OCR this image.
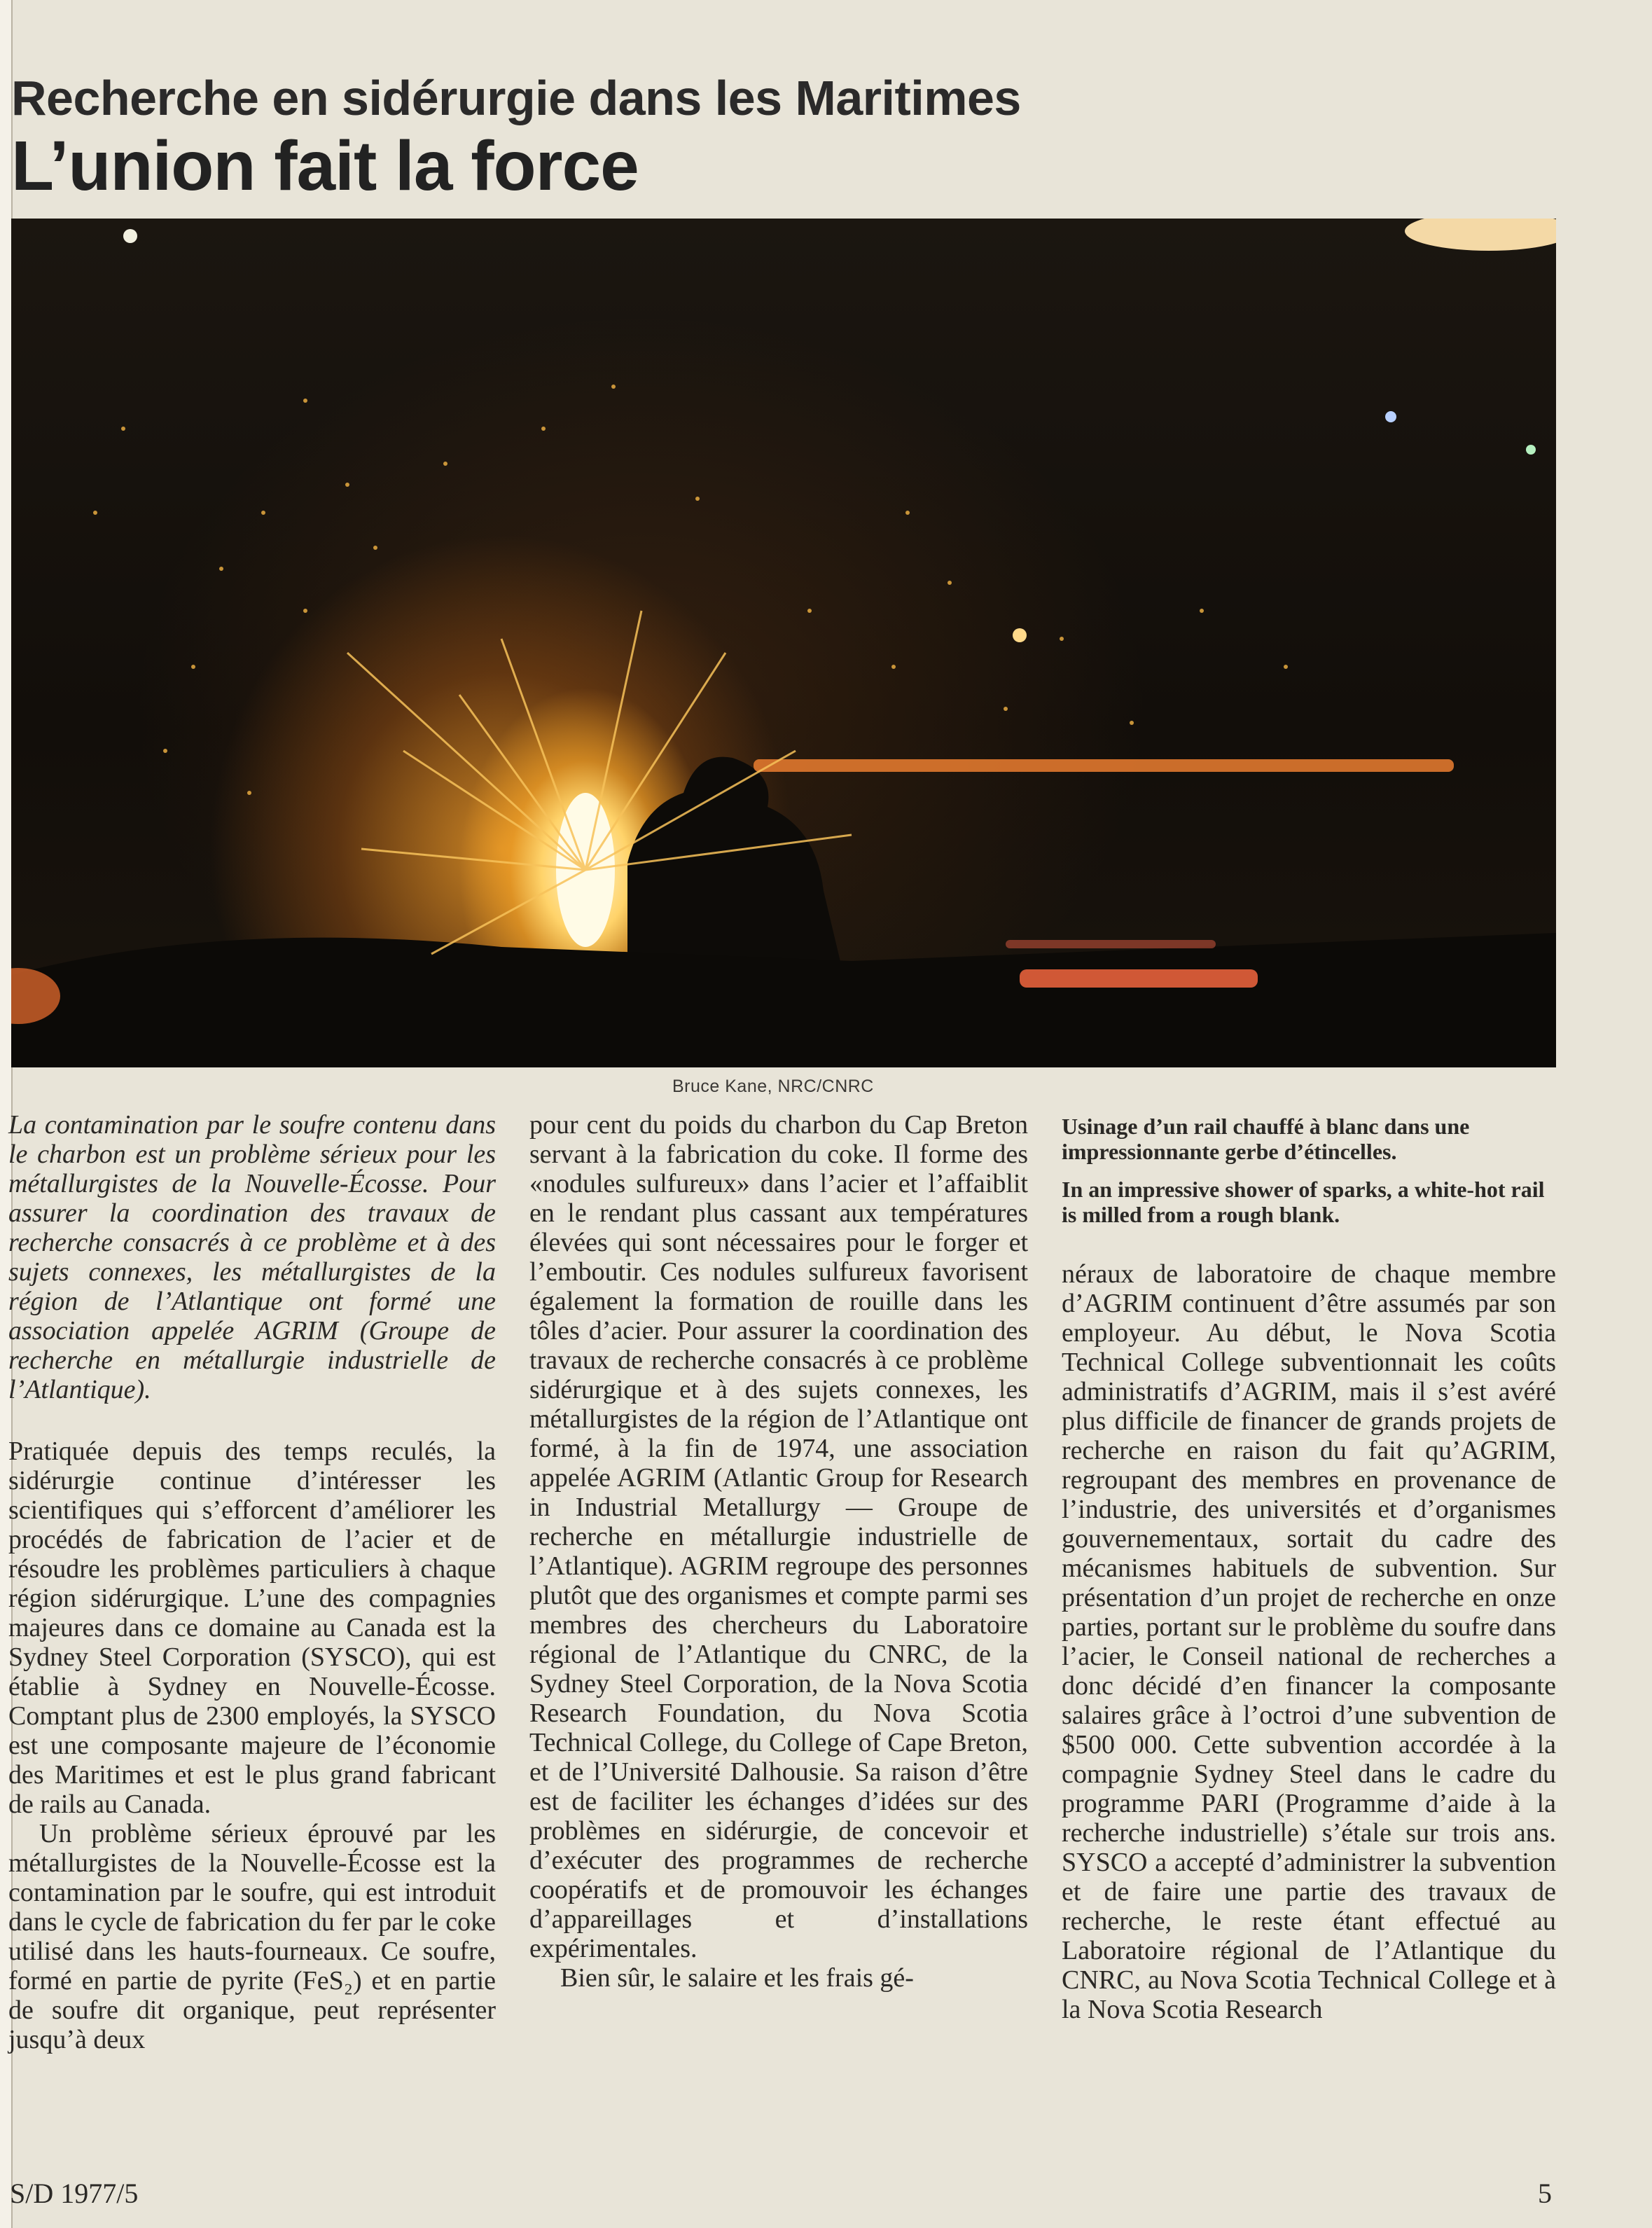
Recherche en sidérurgie dans les Maritimes
L’union fait la force
Bruce Kane, NRC/CNRC

Usinage d’un rail chauffé à blanc dans une impressionnante gerbe d’étincelles.

In an impressive shower of sparks, a white-hot rail is milled from a rough blank.

La contamination par le soufre contenu dans le charbon est un problème sérieux pour les métallurgistes de la Nouvelle-Écosse. Pour assurer la coordination des travaux de recherche consacrés à ce problème et à des sujets connexes, les métallurgistes de la région de l’Atlantique ont formé une association appelée AGRIM (Groupe de recherche en métallurgie industrielle de l’Atlantique).

Pratiquée depuis des temps reculés, la sidérurgie continue d’intéresser les scientifiques qui s’efforcent d’améliorer les procédés de fabrication de l’acier et de résoudre les problèmes particuliers à chaque région sidérurgique. L’une des compagnies majeures dans ce domaine au Canada est la Sydney Steel Corporation (SYSCO), qui est établie à Sydney en Nouvelle-Écosse. Comptant plus de 2300 employés, la SYSCO est une composante majeure de l’économie des Maritimes et est le plus grand fabricant de rails au Canada.

Un problème sérieux éprouvé par les métallurgistes de la Nouvelle-Écosse est la contamination par le soufre, qui est introduit dans le cycle de fabrication du fer par le coke utilisé dans les hauts-fourneaux. Ce soufre, formé en partie de pyrite (FeS₂) et en partie de soufre dit organique, peut représenter jusqu’à deux

pour cent du poids du charbon du Cap Breton servant à la fabrication du coke. Il forme des «nodules sulfureux» dans l’acier et l’affaiblit en le rendant plus cassant aux températures élevées qui sont nécessaires pour le forger et l’emboutir. Ces nodules sulfureux favorisent également la formation de rouille dans les tôles d’acier. Pour assurer la coordination des travaux de recherche consacrés à ce problème sidérurgique et à des sujets connexes, les métallurgistes de la région de l’Atlantique ont formé, à la fin de 1974, une association appelée AGRIM (Atlantic Group for Research in Industrial Metallurgy — Groupe de recherche en métallurgie industrielle de l’Atlantique). AGRIM regroupe des personnes plutôt que des organismes et compte parmi ses membres des chercheurs du Laboratoire régional de l’Atlantique du CNRC, de la Sydney Steel Corporation, de la Nova Scotia Research Foundation, du Nova Scotia Technical College, du College of Cape Breton, et de l’Université Dalhousie. Sa raison d’être est de faciliter les échanges d’idées sur des problèmes en sidérurgie, de concevoir et d’exécuter des programmes de recherche coopératifs et de promouvoir les échanges d’appareillages et d’installations expérimentales.

Bien sûr, le salaire et les frais gé-

néraux de laboratoire de chaque membre d’AGRIM continuent d’être assumés par son employeur. Au début, le Nova Scotia Technical College subventionnait les coûts administratifs d’AGRIM, mais il s’est avéré plus difficile de financer de grands projets de recherche en raison du fait qu’AGRIM, regroupant des membres en provenance de l’industrie, des universités et d’organismes gouvernementaux, sortait du cadre des mécanismes habituels de subvention. Sur présentation d’un projet de recherche en onze parties, portant sur le problème du soufre dans l’acier, le Conseil national de recherches a donc décidé d’en financer la composante salaires grâce à l’octroi d’une subvention de $500 000. Cette subvention accordée à la compagnie Sydney Steel dans le cadre du programme PARI (Programme d’aide à la recherche industrielle) s’étale sur trois ans. SYSCO a accepté d’administrer la subvention et de faire une partie des travaux de recherche, le reste étant effectué au Laboratoire régional de l’Atlantique du CNRC, au Nova Scotia Technical College et à la Nova Scotia Research

S/D 1977/5	5
